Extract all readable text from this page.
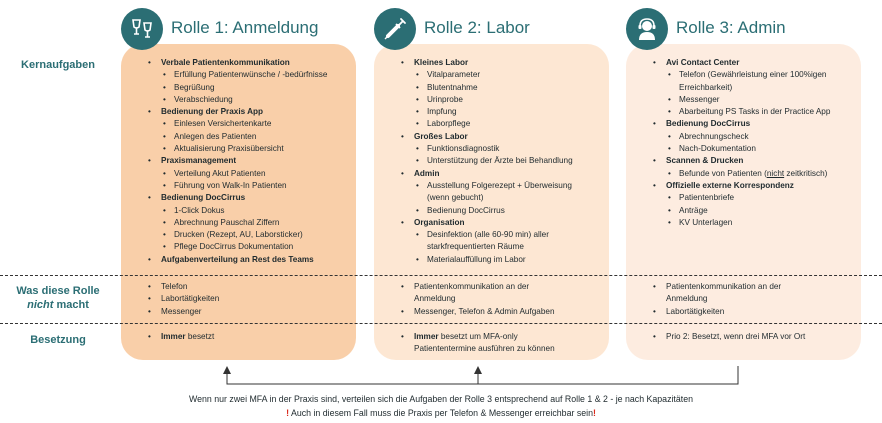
Kernaufgaben
Was diese Rolle
nicht macht
Besetzung
Rolle 1: Anmeldung
• Verbale Patientenkommunikation
• Erfüllung Patientenwünsche / -bedürfnisse
• Begrüßung
• Verabschiedung
• Bedienung der Praxis App
• Einlesen Versichertenkarte
• Anlegen des Patienten
• Aktualisierung Praxisübersicht
• Praxismanagement
• Verteilung Akut Patienten
• Führung von Walk-In Patienten
• Bedienung DocCirrus
• 1-Click Dokus
• Abrechnung Pauschal Ziffern
• Drucken (Rezept, AU, Laborsticker)
• Pflege DocCirrus Dokumentation
• Aufgabenverteilung an Rest des Teams
• Telefon
• Labortätigkeiten
• Messenger
• Immer besetzt
Rolle 2: Labor
• Kleines Labor
• Vitalparameter
• Blutentnahme
• Urinprobe
• Impfung
• Laborpflege
• Großes Labor
• Funktionsdiagnostik
• Unterstützung der Ärzte bei Behandlung
• Admin
• Ausstellung Folgerezept + Überweisung (wenn gebucht)
• Bedienung DocCirrus
• Organisation
• Desinfektion (alle 60-90 min) aller starkfrequentierten Räume
• Materialauffüllung im Labor
• Patientenkommunikation an der Anmeldung
• Messenger, Telefon & Admin Aufgaben
• Immer besetzt um MFA-only Patiententermine ausführen zu können
Rolle 3: Admin
• Avi Contact Center
• Telefon (Gewährleistung einer 100%igen Erreichbarkeit)
• Messenger
• Abarbeitung PS Tasks in der Practice App
• Bedienung DocCirrus
• Abrechnungscheck
• Nach-Dokumentation
• Scannen & Drucken
• Befunde von Patienten (nicht zeitkritisch)
• Offizielle externe Korrespondenz
• Patientenbriefe
• Anträge
• KV Unterlagen
• Patientenkommunikation an der Anmeldung
• Labortätigkeiten
• Prio 2: Besetzt, wenn drei MFA vor Ort
Wenn nur zwei MFA in der Praxis sind, verteilen sich die Aufgaben der Rolle 3 entsprechend auf Rolle 1 & 2 - je nach Kapazitäten
! Auch in diesem Fall muss die Praxis per Telefon & Messenger erreichbar sein!
